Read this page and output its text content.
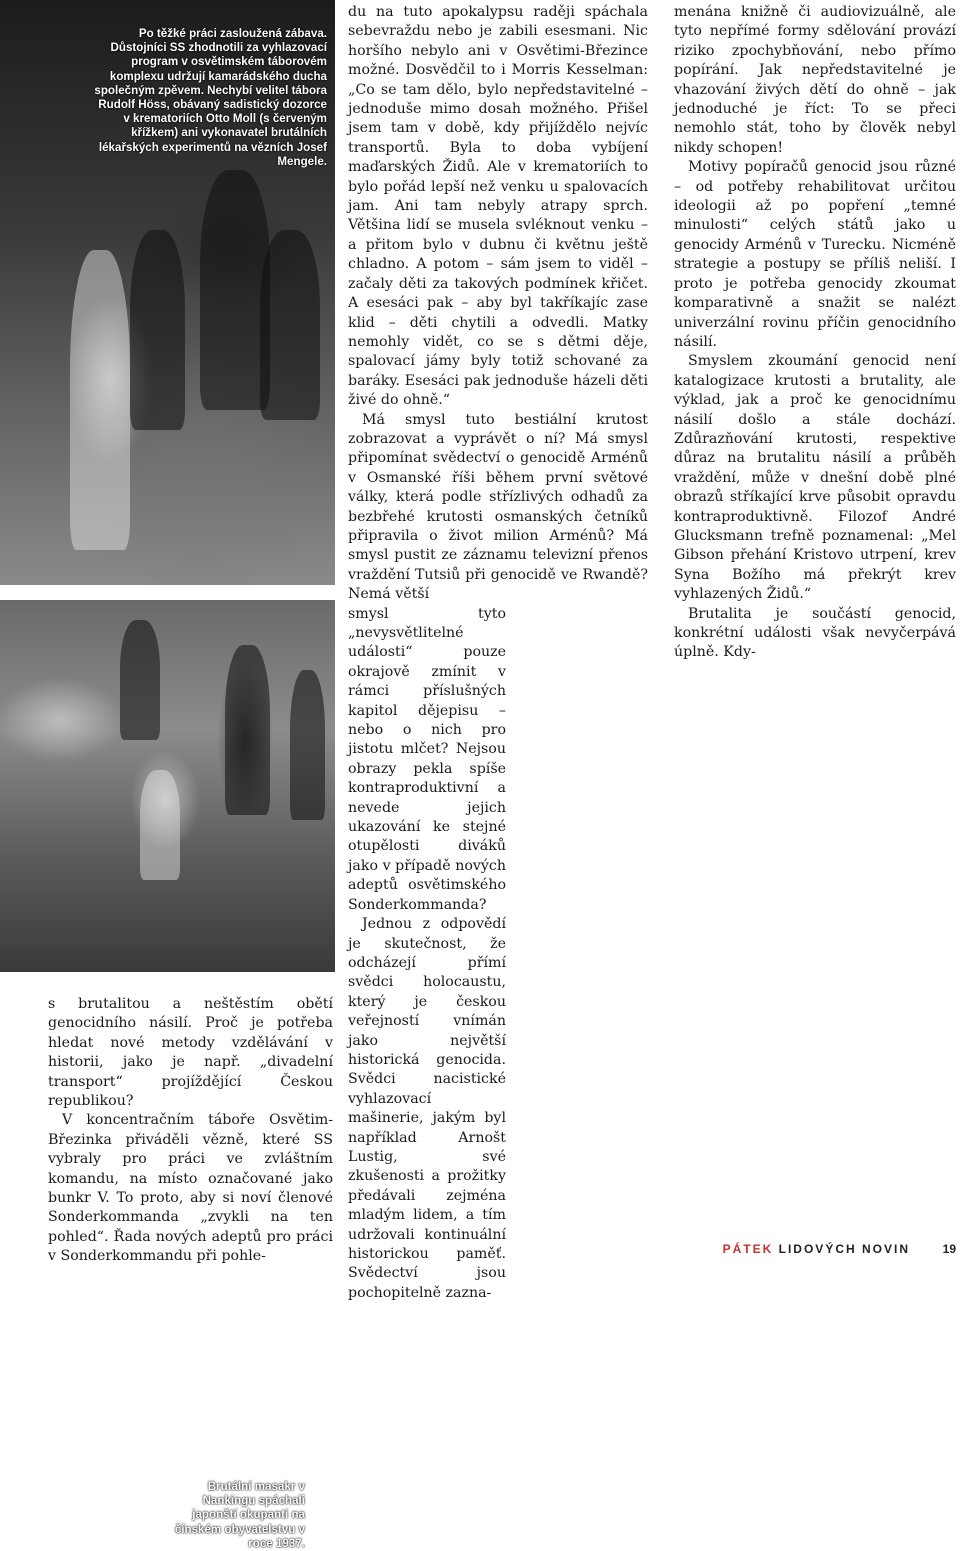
Po těžké práci zasloužená zábava. Důstojníci SS zhodnotili za vyhlazovací program v osvětimském táborovém komplexu udržují kamarádského ducha společným zpěvem. Nechybí velitel tábora Rudolf Höss, obávaný sadistický dozorce v krematoriích Otto Moll (s červeným křížkem) ani vykonavatel brutálních lékařských experimentů na vězních Josef Mengele.
Brutální masakr v Nankingu spáchali japonští okupanti na čínském obyvatelstvu v roce 1937.

s brutalitou a neštěstím obětí genocidního násilí. Proč je potřeba hledat nové metody vzdělávání v historii, jako je např. „divadelní transport“ projíždějící Českou republikou?

V koncentračním táboře Osvětim-Březinka přiváděli vězně, které SS vybraly pro práci ve zvláštním komandu, na místo označované jako bunkr V. To proto, aby si noví členové Sonderkommanda „zvykli na ten pohled“. Řada nových adeptů pro práci v Sonderkommandu při pohle-

du na tuto apokalypsu raději spáchala sebevraždu nebo je zabili esesmani. Nic horšího nebylo ani v Osvětimi-Březince možné. Dosvědčil to i Morris Kesselman: „Co se tam dělo, bylo nepředstavitelné – jednoduše mimo dosah možného. Přišel jsem tam v době, kdy přijíždělo nejvíc transportů. Byla to doba vybíjení maďarských Židů. Ale v krematoriích to bylo pořád lepší než venku u spalovacích jam. Ani tam nebyly atrapy sprch. Většina lidí se musela svléknout venku – a přitom bylo v dubnu či květnu ještě chladno. A potom – sám jsem to viděl – začaly děti za takových podmínek křičet. A esesáci pak – aby byl takříkajíc zase klid – děti chytili a odvedli. Matky nemohly vidět, co se s dětmi děje, spalovací jámy byly totiž schované za baráky. Esesáci pak jednoduše házeli děti živé do ohně.“

Má smysl tuto bestiální krutost zobrazovat a vyprávět o ní? Má smysl připomínat svědectví o genocidě Arménů v Osmanské říši během první světové války, která podle střízlivých odhadů za bezbřehé krutosti osmanských četníků připravila o život milion Arménů? Má smysl pustit ze záznamu televizní přenos vraždění Tutsiů při genocidě ve Rwandě? Nemá větší

smysl tyto „nevysvětlitelné události“ pouze okrajově zmínit v rámci příslušných kapitol dějepisu – nebo o nich pro jistotu mlčet? Nejsou obrazy pekla spíše kontraproduktivní a nevede jejich ukazování ke stejné otupělosti diváků jako v případě nových adeptů osvětimského Sonderkommanda?

Jednou z odpovědí je skutečnost, že odcházejí přímí svědci holocaustu, který je českou veřejností vnímán jako největší historická genocida. Svědci nacistické vyhlazovací mašinerie, jakým byl například Arnošt Lustig, své zkušenosti a prožitky předávali zejména mladým lidem, a tím udržovali kontinuální historickou paměť. Svědectví jsou pochopitelně zazna-

menána knižně či audiovizuálně, ale tyto nepřímé formy sdělování provází riziko zpochybňování, nebo přímo popírání. Jak nepředstavitelné je vhazování živých dětí do ohně – jak jednoduché je říct: To se přeci nemohlo stát, toho by člověk nebyl nikdy schopen!

Motivy popíračů genocid jsou různé – od potřeby rehabilitovat určitou ideologii až po popření „temné minulosti“ celých států jako u genocidy Arménů v Turecku. Nicméně strategie a postupy se příliš neliší. I proto je potřeba genocidy zkoumat komparativně a snažit se nalézt univerzální rovinu příčin genocidního násilí.

Smyslem zkoumání genocid není katalogizace krutosti a brutality, ale výklad, jak a proč ke genocidnímu násilí došlo a stále dochází. Zdůrazňování krutosti, respektive důraz na brutalitu násilí a průběh vraždění, může v dnešní době plné obrazů stříkající krve působit opravdu kontraproduktivně. Filozof André Glucksmann trefně poznamenal: „Mel Gibson přehání Kristovo utrpení, krev Syna Božího má překrýt krev vyhlazených Židů.“

Brutalita je součástí genocid, konkrétní události však nevyčerpává úplně. Kdy-

PÁTEK LIDOVÝCH NOVIN	19
